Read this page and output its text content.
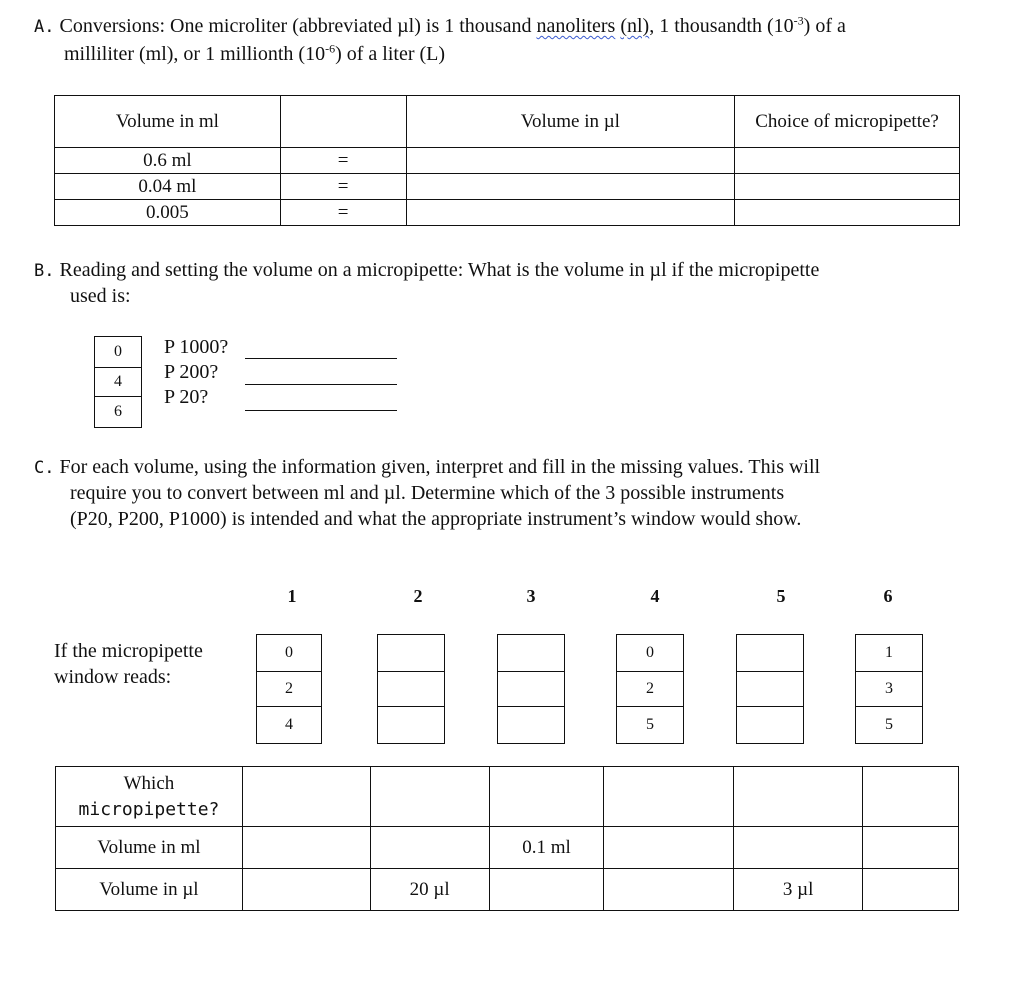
A. Conversions: One microliter (abbreviated µl) is 1 thousand nanoliters (nl), 1 thousandth $(10^{-3})$ of a
milliliter (ml), or 1 millionth $(10^{-6})$ of a liter (L)
Volume in ml		Volume in µl	Choice of micropipette?
0.6 ml	=		
0.04 ml	=		
0.005	=		
B. Reading and setting the volume on a micropipette: What is the volume in µl if the micropipette
used is:
0
4
6
P 1000?
P 200?
P 20?
C. For each volume, using the information given, interpret and fill in the missing values. This will
require you to convert between ml and µl. Determine which of the 3 possible instruments
(P20, P200, P1000) is intended and what the appropriate instrument’s window would show.
1	2	3	4	5	6
If the micropipette
window reads:
0
2
4
0
2
5
1
3
5
Which
micropipette?						

Volume in ml			0.1 ml			
Volume in µl		20 µl			3 µl	
